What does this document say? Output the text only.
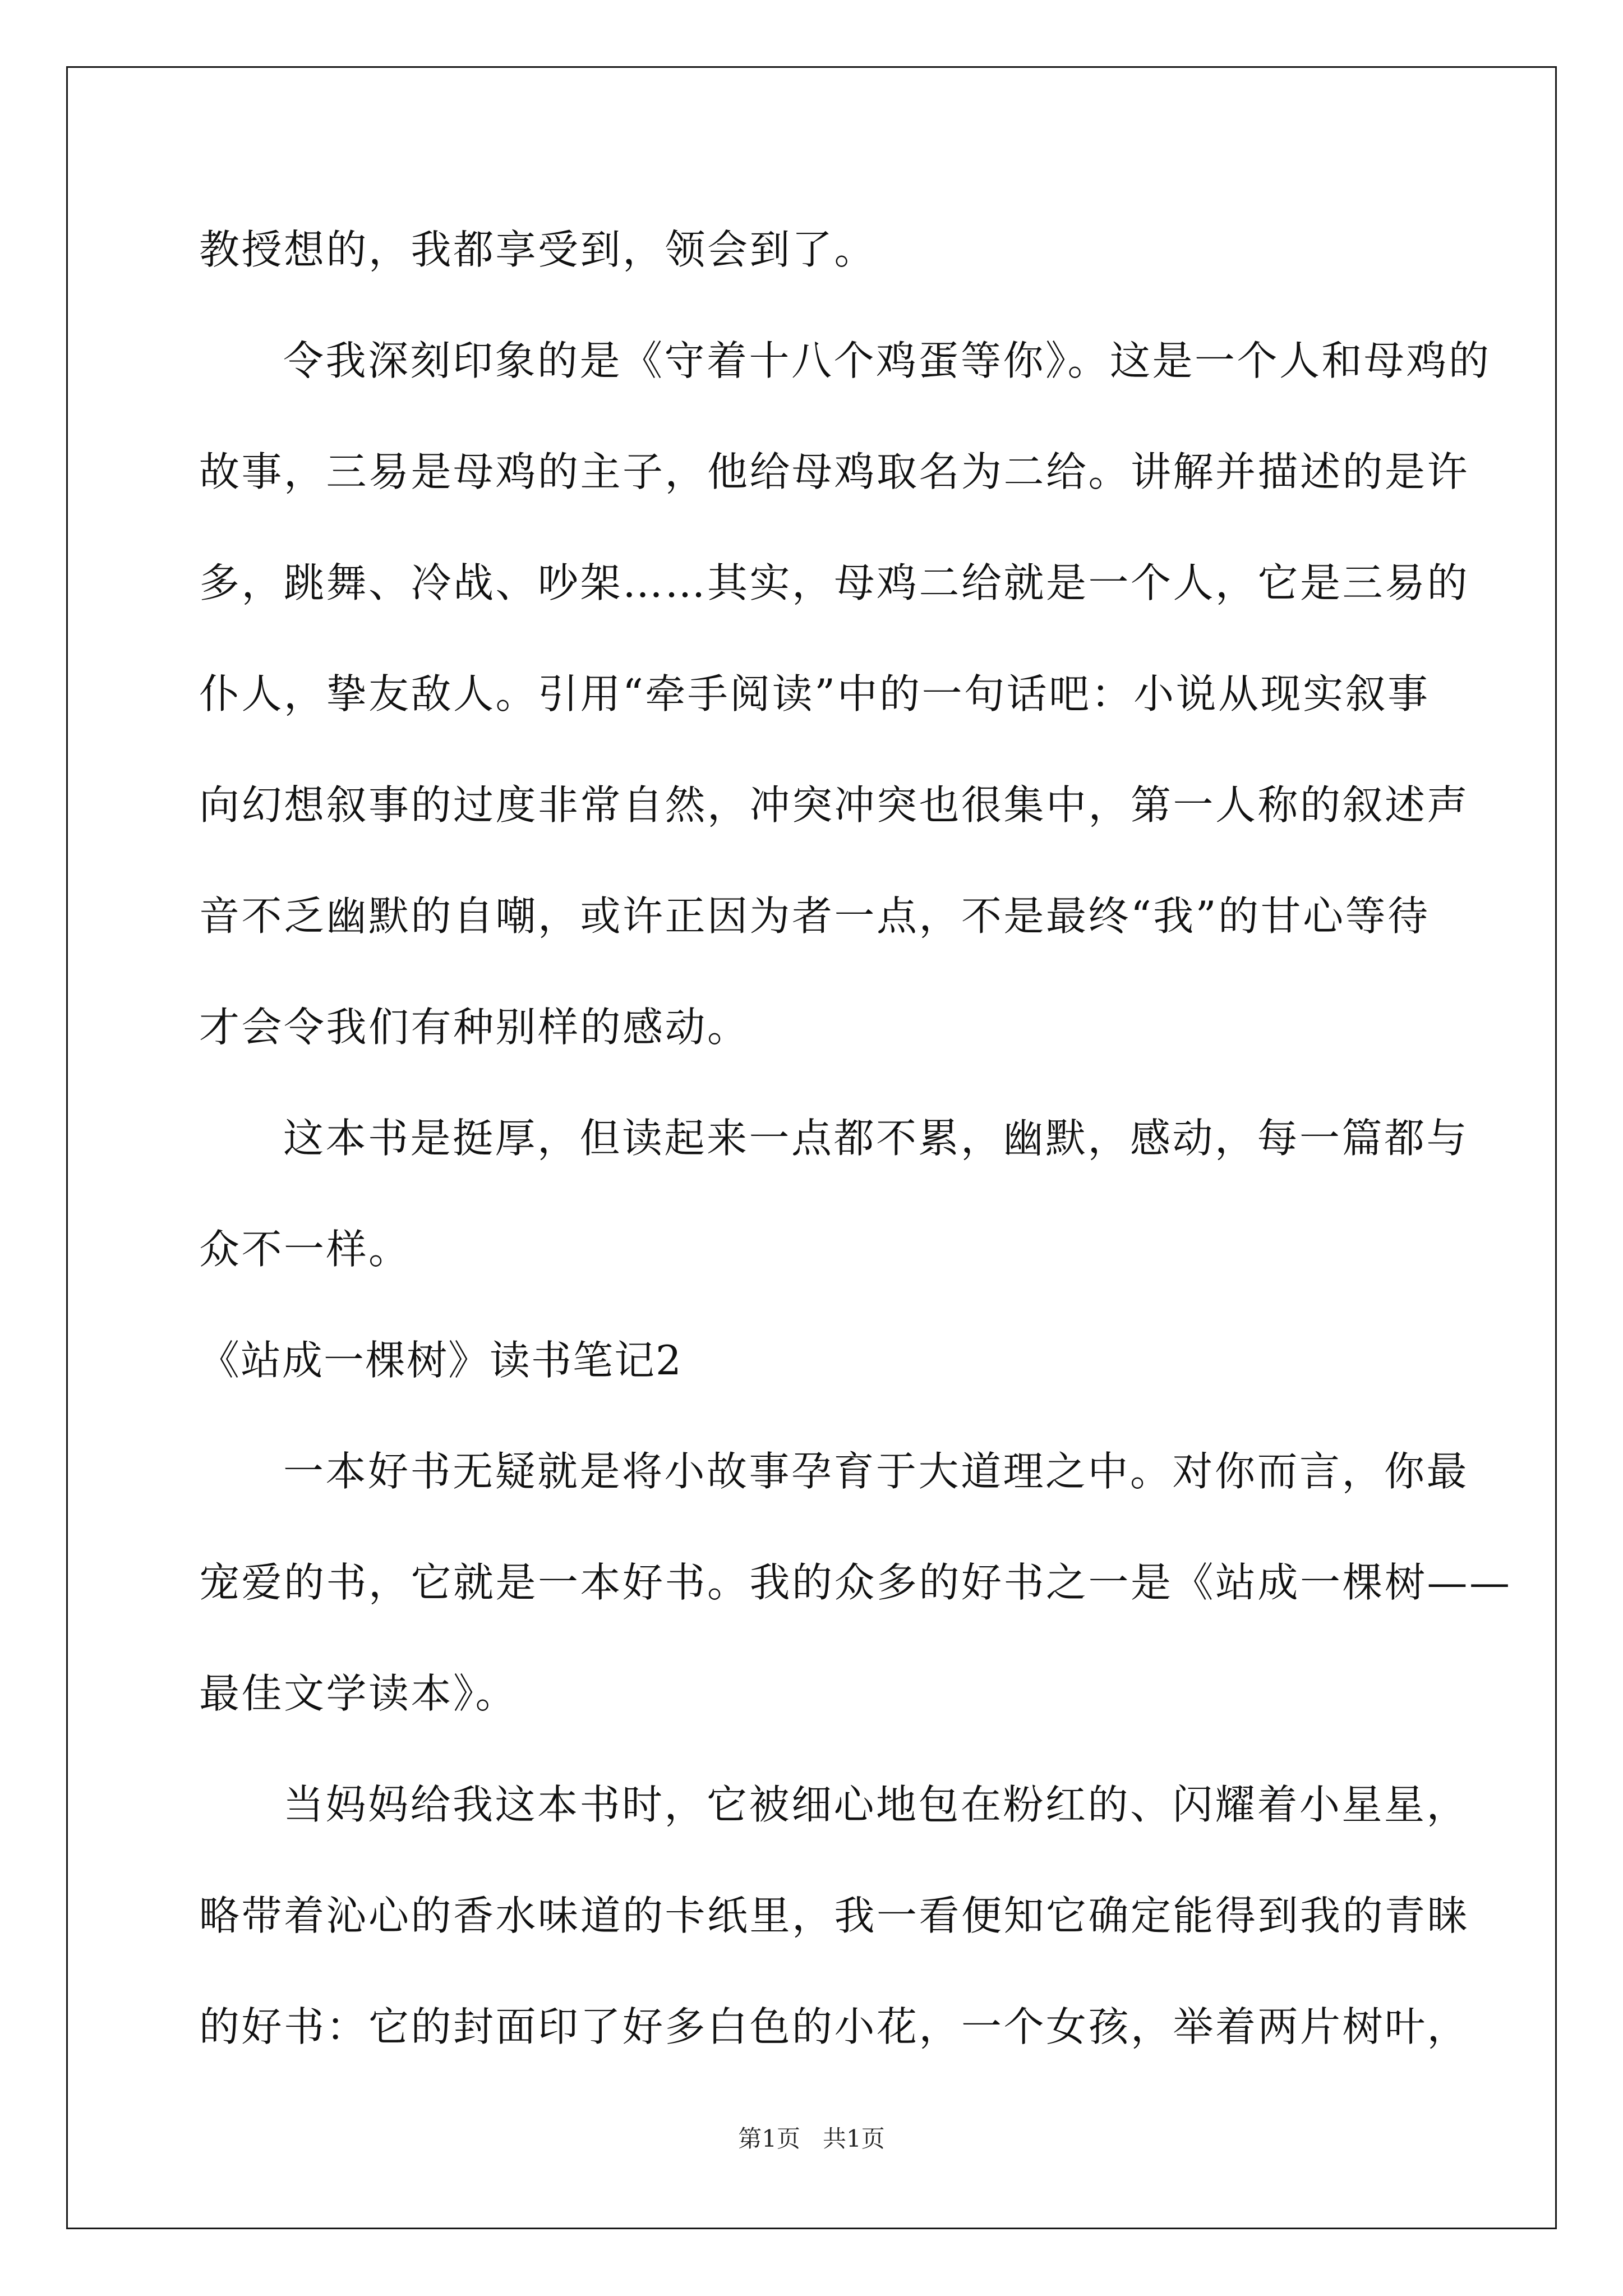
教授想的，我都享受到，领会到了。
令我深刻印象的是《守着十八个鸡蛋等你》。这是一个人和母鸡的
故事，三易是母鸡的主子，他给母鸡取名为二给。讲解并描述的是许
多，跳舞、冷战、吵架……其实，母鸡二给就是一个人，它是三易的
仆人，挚友敌人。引用“牵手阅读”中的一句话吧：小说从现实叙事
向幻想叙事的过度非常自然，冲突冲突也很集中，第一人称的叙述声
音不乏幽默的自嘲，或许正因为者一点，不是最终“我”的甘心等待
才会令我们有种别样的感动。
这本书是挺厚，但读起来一点都不累，幽默，感动，每一篇都与
众不一样。
《站成一棵树》读书笔记2
一本好书无疑就是将小故事孕育于大道理之中。对你而言，你最
宠爱的书，它就是一本好书。我的众多的好书之一是《站成一棵树——
最佳文学读本》。
当妈妈给我这本书时，它被细心地包在粉红的、闪耀着小星星，
略带着沁心的香水味道的卡纸里，我一看便知它确定能得到我的青睐
的好书：它的封面印了好多白色的小花，一个女孩，举着两片树叶，
第1页 共1页
